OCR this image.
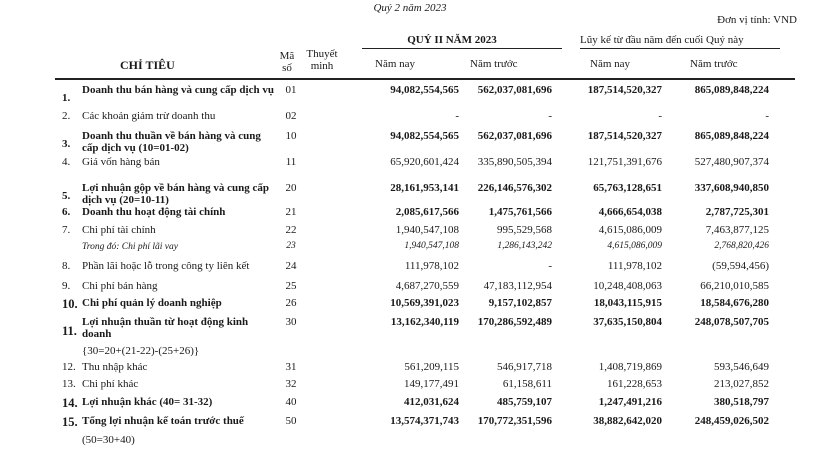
Quý 2 năm 2023
Đơn vị tính: VND
CHỈ TIÊU
Mã số
Thuyết minh
QUÝ II NĂM 2023	Lũy kế từ đầu năm đến cuối Quý này
Năm nay	Năm trước	Năm nay	Năm trước
1.
Doanh thu bán hàng và cung cấp dịch vụ	01	94,082,554,565 562,037,081,696	187,514,520,327	865,089,848,224
2. Các khoản giảm trừ doanh thu	02	-	-	-	-
3.
Doanh thu thuần về bán hàng và cung cấp dịch vụ (10=01-02)
10	94,082,554,565 562,037,081,696	187,514,520,327	865,089,848,224
4. Giá vốn hàng bán	11	65,920,601,424 335,890,505,394	121,751,391,676	527,480,907,374
5.
Lợi nhuận gộp về bán hàng và cung cấp dịch vụ (20=10-11)
20	28,161,953,141 226,146,576,302	65,763,128,651	337,608,940,850
6. Doanh thu hoạt động tài chính	21	2,085,617,566	1,475,761,566	4,666,654,038	2,787,725,301
7. Chi phí tài chính	22	1,940,547,108	995,529,568	4,615,086,009	7,463,877,125
Trong đó: Chi phí lãi vay	23	1,940,547,108	1,286,143,242	4,615,086,009	2,768,820,426
8. Phần lãi hoặc lỗ trong công ty liên kết	24	111,978,102	-	111,978,102	(59,594,456)
9. Chi phí bán hàng	25	4,687,270,559 47,183,112,954	10,248,408,063	66,210,010,585
10. Chi phí quản lý doanh nghiệp	26	10,569,391,023	9,157,102,857	18,043,115,915	18,584,676,280
11.
Lợi nhuận thuần từ hoạt động kinh doanh
30	13,162,340,119 170,286,592,489	37,635,150,804	248,078,507,705
{30=20+(21-22)-(25+26)}
12. Thu nhập khác	31	561,209,115	546,917,718	1,408,719,869	593,546,649
13. Chi phí khác	32	149,177,491	61,158,611	161,228,653	213,027,852
14. Lợi nhuận khác (40= 31-32)	40	412,031,624	485,759,107	1,247,491,216	380,518,797
15. Tổng lợi nhuận kế toán trước thuế	50	13,574,371,743 170,772,351,596	38,882,642,020	248,459,026,502
(50=30+40)
